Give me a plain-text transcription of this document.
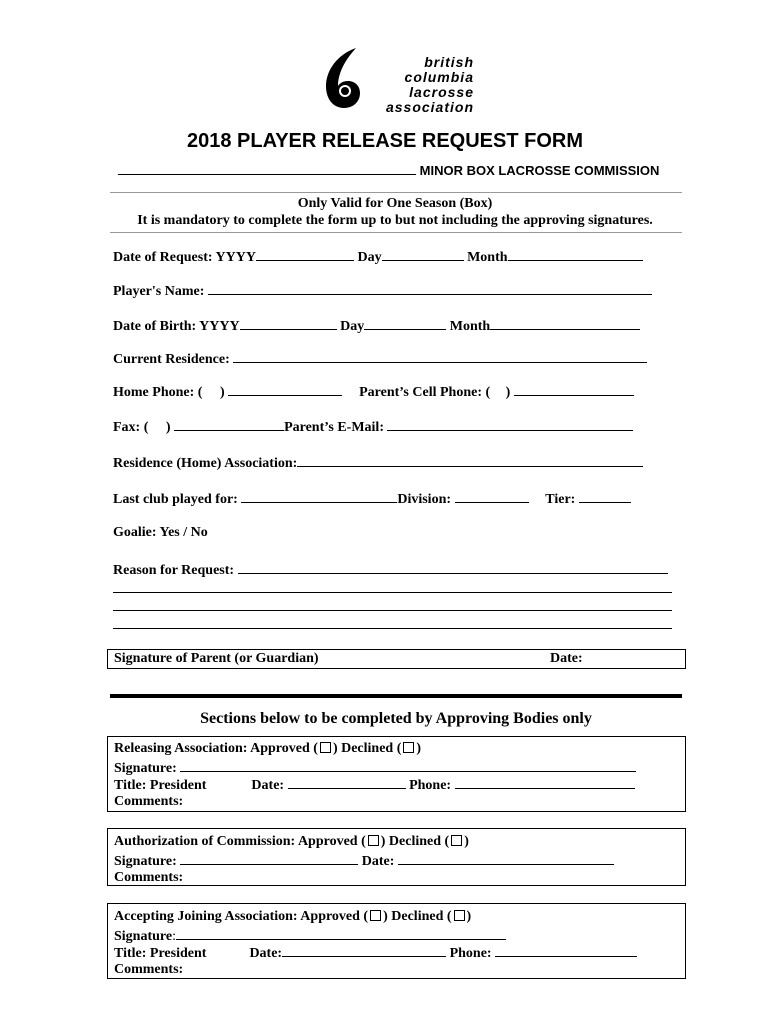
british
columbia
lacrosse
association
2018 PLAYER RELEASE REQUEST FORM
MINOR BOX LACROSSE COMMISSION
Only Valid for One Season (Box)
It is mandatory to complete the form up to but not including the approving signatures.
Date of Request: YYYY	Day	Month
Player's Name:
Date of Birth: YYYY	Day	Month
Current Residence:
Home Phone: ( )	Parent’s Cell Phone: ( )
Fax: ( )	Parent’s E-Mail:
Residence (Home) Association:
Last club played for:	Division:	Tier:
Goalie: Yes / No
Reason for Request:
Signature of Parent (or Guardian)	Date:
Sections below to be completed by Approving Bodies only
Releasing Association: Approved ( ) Declined ( )
Signature:
Title: President	Date:	Phone:
Comments:
Authorization of Commission: Approved ( ) Declined ( )
Signature:	Date:
Comments:
Accepting Joining Association: Approved ( ) Declined ( )
Signature:
Title: President	Date:	Phone:
Comments:
